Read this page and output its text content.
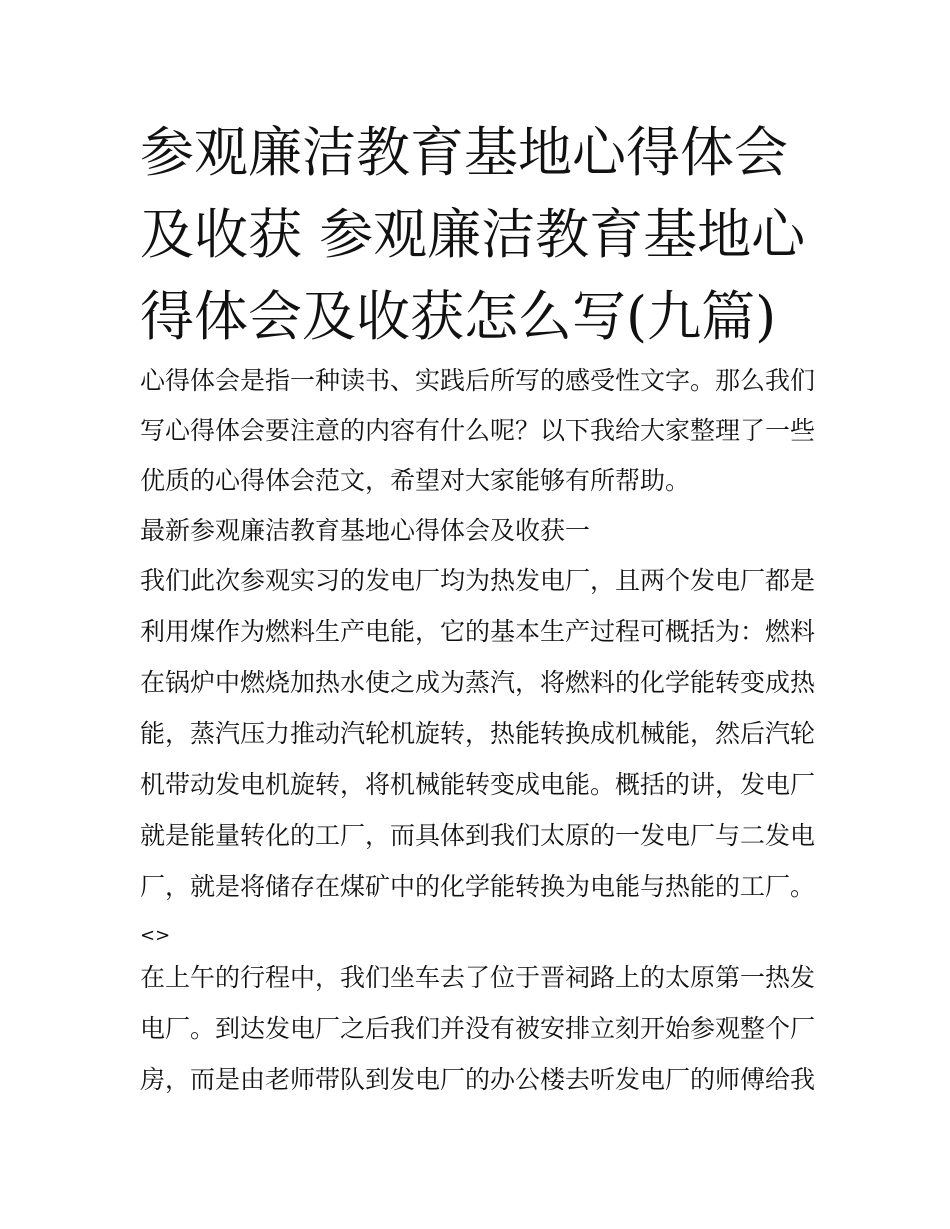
参观廉洁教育基地心得体会及收获 参观廉洁教育基地心得体会及收获怎么写(九篇)

心得体会是指一种读书、实践后所写的感受性文字。那么我们

写心得体会要注意的内容有什么呢？以下我给大家整理了一些

优质的心得体会范文，希望对大家能够有所帮助。

最新参观廉洁教育基地心得体会及收获一

我们此次参观实习的发电厂均为热发电厂，且两个发电厂都是

利用煤作为燃料生产电能，它的基本生产过程可概括为：燃料

在锅炉中燃烧加热水使之成为蒸汽，将燃料的化学能转变成热

能，蒸汽压力推动汽轮机旋转，热能转换成机械能，然后汽轮

机带动发电机旋转，将机械能转变成电能。概括的讲，发电厂

就是能量转化的工厂，而具体到我们太原的一发电厂与二发电

厂，就是将储存在煤矿中的化学能转换为电能与热能的工厂。

<>

在上午的行程中，我们坐车去了位于晋祠路上的太原第一热发

电厂。到达发电厂之后我们并没有被安排立刻开始参观整个厂

房，而是由老师带队到发电厂的办公楼去听发电厂的师傅给我
